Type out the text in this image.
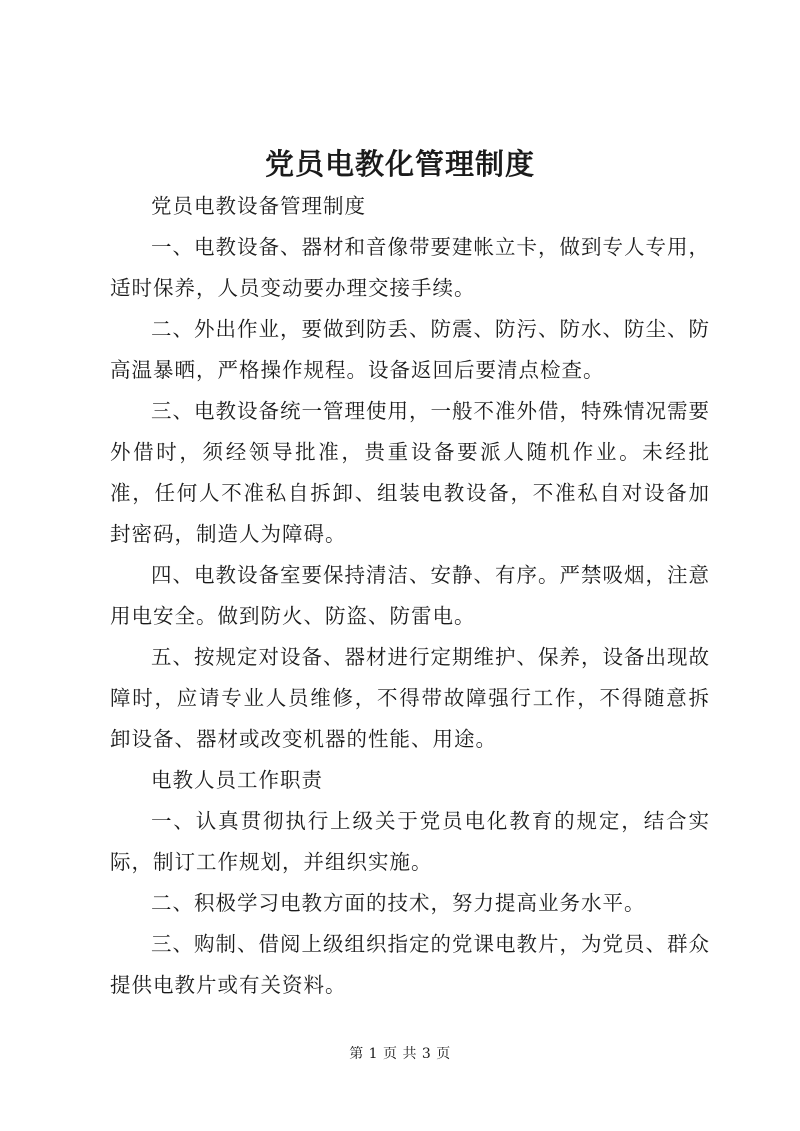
党员电教化管理制度

党员电教设备管理制度

一、电教设备、器材和音像带要建帐立卡，做到专人专用，适时保养，人员变动要办理交接手续。

二、外出作业，要做到防丢、防震、防污、防水、防尘、防高温暴晒，严格操作规程。设备返回后要清点检查。

三、电教设备统一管理使用，一般不准外借，特殊情况需要外借时，须经领导批准，贵重设备要派人随机作业。未经批准，任何人不准私自拆卸、组装电教设备，不准私自对设备加封密码，制造人为障碍。

四、电教设备室要保持清洁、安静、有序。严禁吸烟，注意用电安全。做到防火、防盗、防雷电。

五、按规定对设备、器材进行定期维护、保养，设备出现故障时，应请专业人员维修，不得带故障强行工作，不得随意拆卸设备、器材或改变机器的性能、用途。

电教人员工作职责

一、认真贯彻执行上级关于党员电化教育的规定，结合实际，制订工作规划，并组织实施。

二、积极学习电教方面的技术，努力提高业务水平。

三、购制、借阅上级组织指定的党课电教片，为党员、群众提供电教片或有关资料。

第 1 页 共 3 页
